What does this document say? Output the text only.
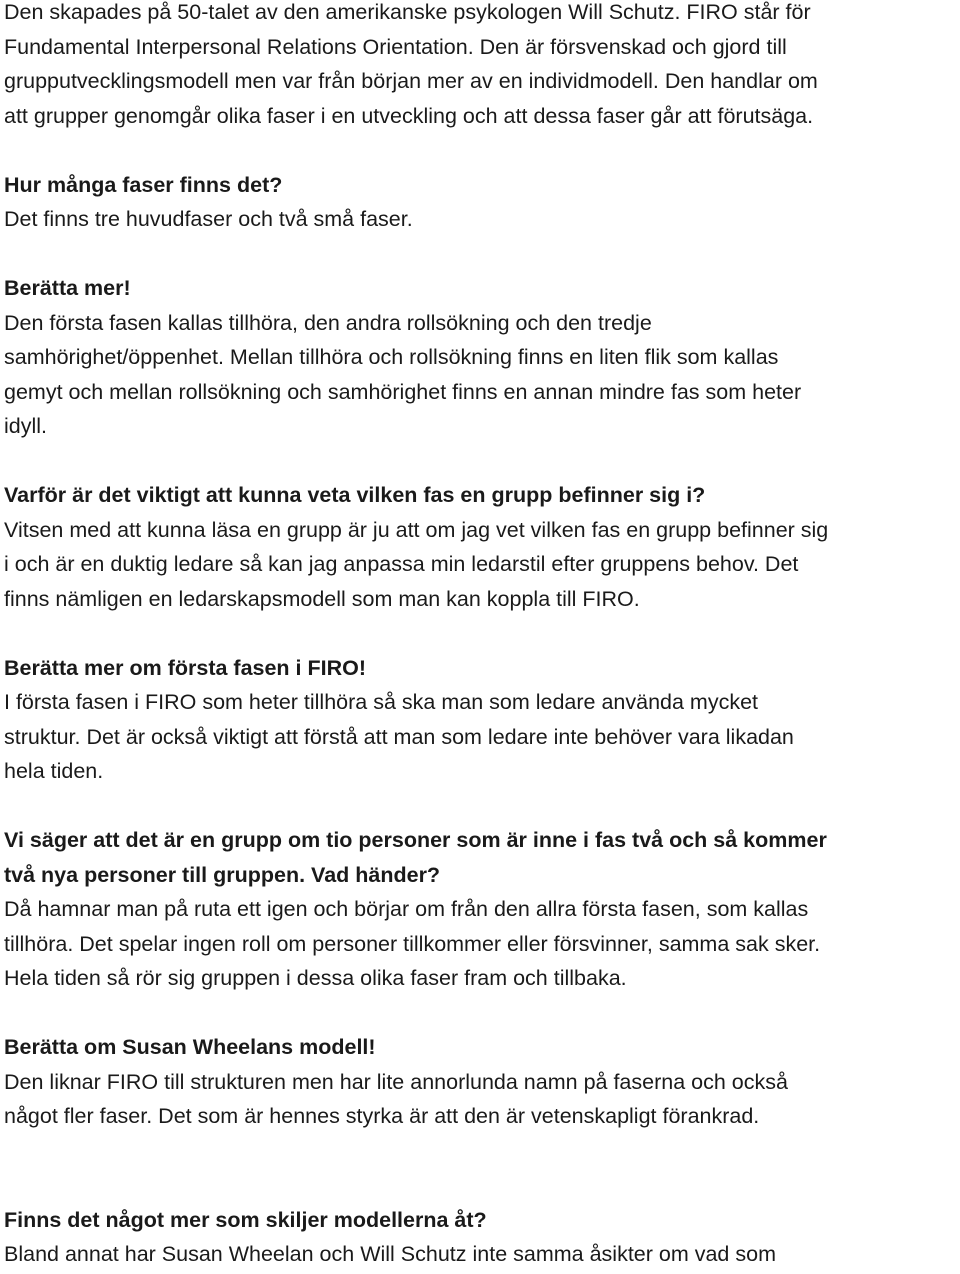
Den skapades på 50-talet av den amerikanske psykologen Will Schutz. FIRO står för
Fundamental Interpersonal Relations Orientation. Den är försvenskad och gjord till
grupputvecklingsmodell men var från början mer av en individmodell. Den handlar om
att grupper genomgår olika faser i en utveckling och att dessa faser går att förutsäga.
Hur många faser finns det?
Det finns tre huvudfaser och två små faser.
Berätta mer!
Den första fasen kallas tillhöra, den andra rollsökning och den tredje
samhörighet/öppenhet. Mellan tillhöra och rollsökning finns en liten flik som kallas
gemyt och mellan rollsökning och samhörighet finns en annan mindre fas som heter
idyll.
Varför är det viktigt att kunna veta vilken fas en grupp befinner sig i?
Vitsen med att kunna läsa en grupp är ju att om jag vet vilken fas en grupp befinner sig
i och är en duktig ledare så kan jag anpassa min ledarstil efter gruppens behov. Det
finns nämligen en ledarskapsmodell som man kan koppla till FIRO.
Berätta mer om första fasen i FIRO!
I första fasen i FIRO som heter tillhöra så ska man som ledare använda mycket
struktur. Det är också viktigt att förstå att man som ledare inte behöver vara likadan
hela tiden.
Vi säger att det är en grupp om tio personer som är inne i fas två och så kommer
två nya personer till gruppen. Vad händer?
Då hamnar man på ruta ett igen och börjar om från den allra första fasen, som kallas
tillhöra. Det spelar ingen roll om personer tillkommer eller försvinner, samma sak sker.
Hela tiden så rör sig gruppen i dessa olika faser fram och tillbaka.
Berätta om Susan Wheelans modell!
Den liknar FIRO till strukturen men har lite annorlunda namn på faserna och också
något fler faser. Det som är hennes styrka är att den är vetenskapligt förankrad.
Finns det något mer som skiljer modellerna åt?
Bland annat har Susan Wheelan och Will Schutz inte samma åsikter om vad som
